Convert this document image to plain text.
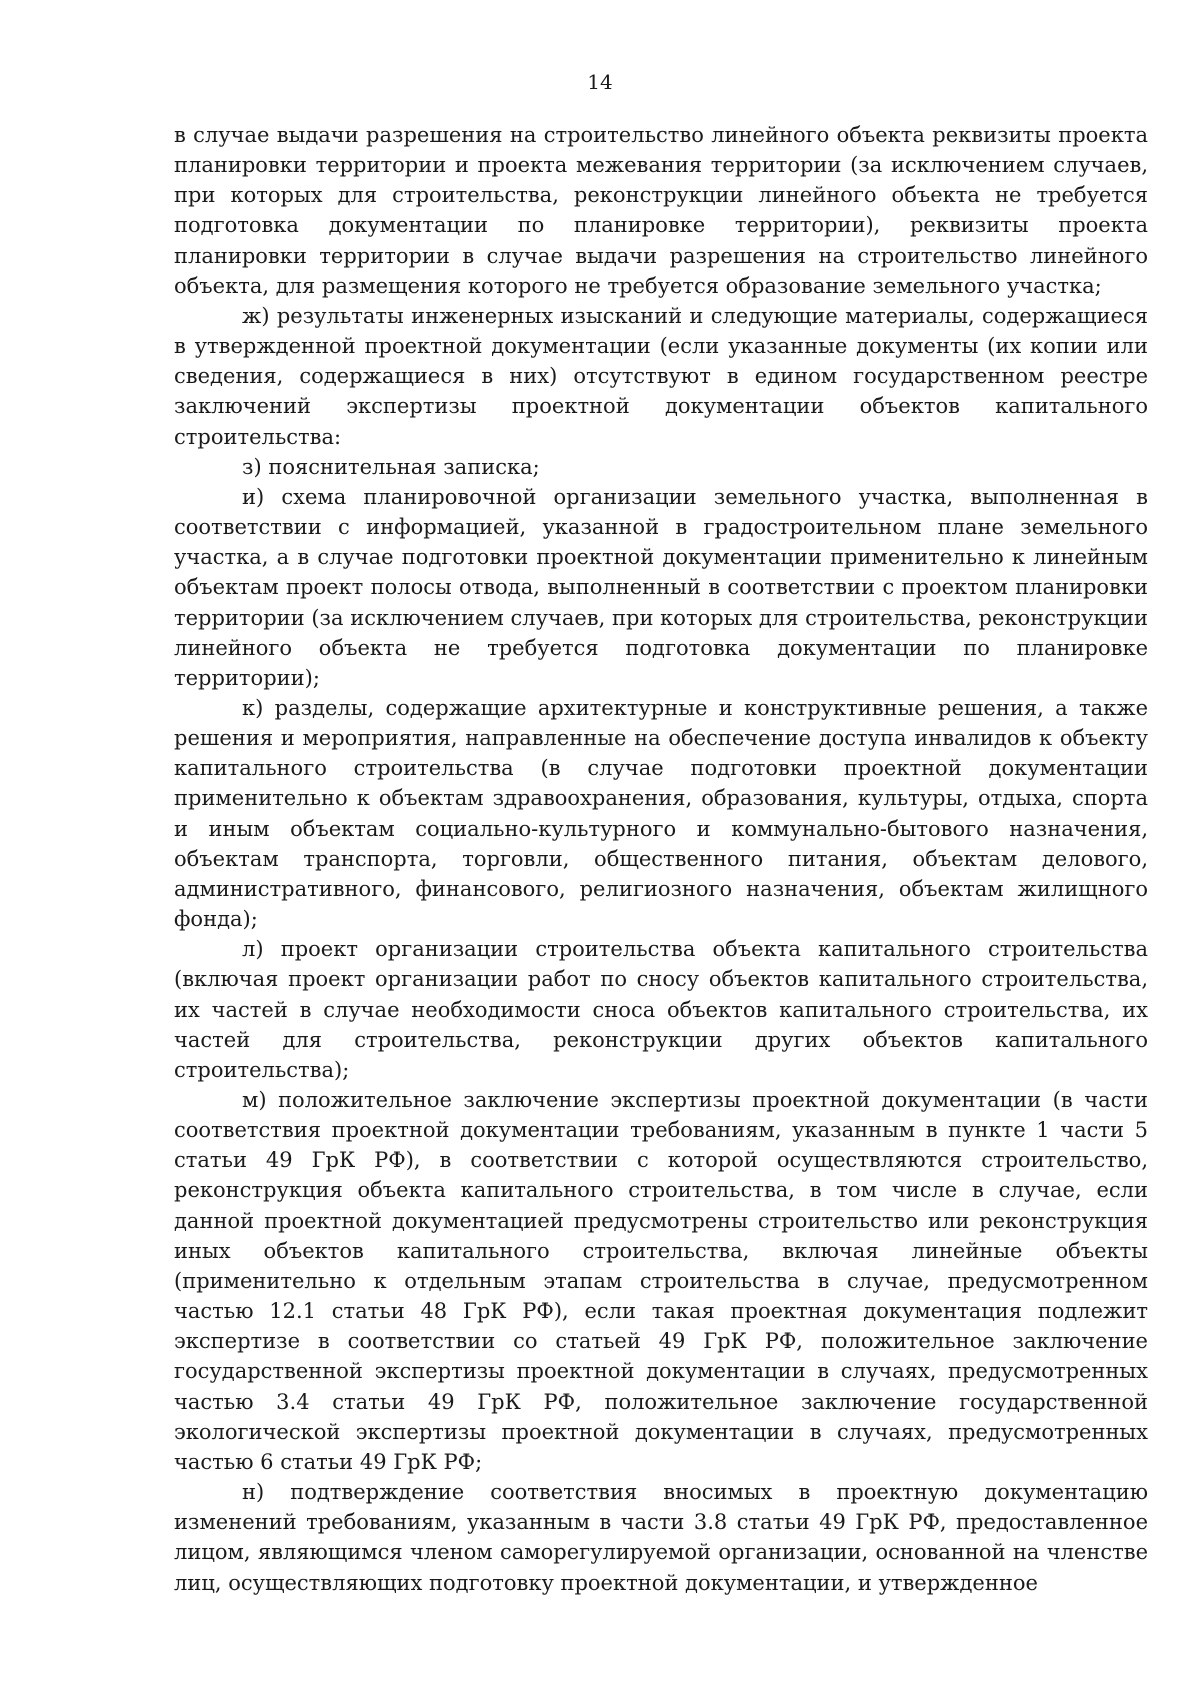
14

в случае выдачи разрешения на строительство линейного объекта реквизиты проекта планировки территории и проекта межевания территории (за исключением случаев, при которых для строительства, реконструкции линейного объекта не требуется подготовка документации по планировке территории), реквизиты проекта планировки территории в случае выдачи разрешения на строительство линейного объекта, для размещения которого не требуется образование земельного участка;

ж) результаты инженерных изысканий и следующие материалы, содержащиеся в утвержденной проектной документации (если указанные документы (их копии или сведения, содержащиеся в них) отсутствуют в едином государственном реестре заключений экспертизы проектной документации объектов капитального строительства:

з) пояснительная записка;

и) схема планировочной организации земельного участка, выполненная в соответствии с информацией, указанной в градостроительном плане земельного участка, а в случае подготовки проектной документации применительно к линейным объектам проект полосы отвода, выполненный в соответствии с проектом планировки территории (за исключением случаев, при которых для строительства, реконструкции линейного объекта не требуется подготовка документации по планировке территории);

к) разделы, содержащие архитектурные и конструктивные решения, а также решения и мероприятия, направленные на обеспечение доступа инвалидов к объекту капитального строительства (в случае подготовки проектной документации применительно к объектам здравоохранения, образования, культуры, отдыха, спорта и иным объектам социально-культурного и коммунально-бытового назначения, объектам транспорта, торговли, общественного питания, объектам делового, административного, финансового, религиозного назначения, объектам жилищного фонда);

л) проект организации строительства объекта капитального строительства (включая проект организации работ по сносу объектов капитального строительства, их частей в случае необходимости сноса объектов капитального строительства, их частей для строительства, реконструкции других объектов капитального строительства);

м) положительное заключение экспертизы проектной документации (в части соответствия проектной документации требованиям, указанным в пункте 1 части 5 статьи 49 ГрК РФ), в соответствии с которой осуществляются строительство, реконструкция объекта капитального строительства, в том числе в случае, если данной проектной документацией предусмотрены строительство или реконструкция иных объектов капитального строительства, включая линейные объекты (применительно к отдельным этапам строительства в случае, предусмотренном частью 12.1 статьи 48 ГрК РФ), если такая проектная документация подлежит экспертизе в соответствии со статьей 49 ГрК РФ, положительное заключение государственной экспертизы проектной документации в случаях, предусмотренных частью 3.4 статьи 49 ГрК РФ, положительное заключение государственной экологической экспертизы проектной документации в случаях, предусмотренных частью 6 статьи 49 ГрК РФ;

н) подтверждение соответствия вносимых в проектную документацию изменений требованиям, указанным в части 3.8 статьи 49 ГрК РФ, предоставленное лицом, являющимся членом саморегулируемой организации, основанной на членстве лиц, осуществляющих подготовку проектной документации, и утвержденное
